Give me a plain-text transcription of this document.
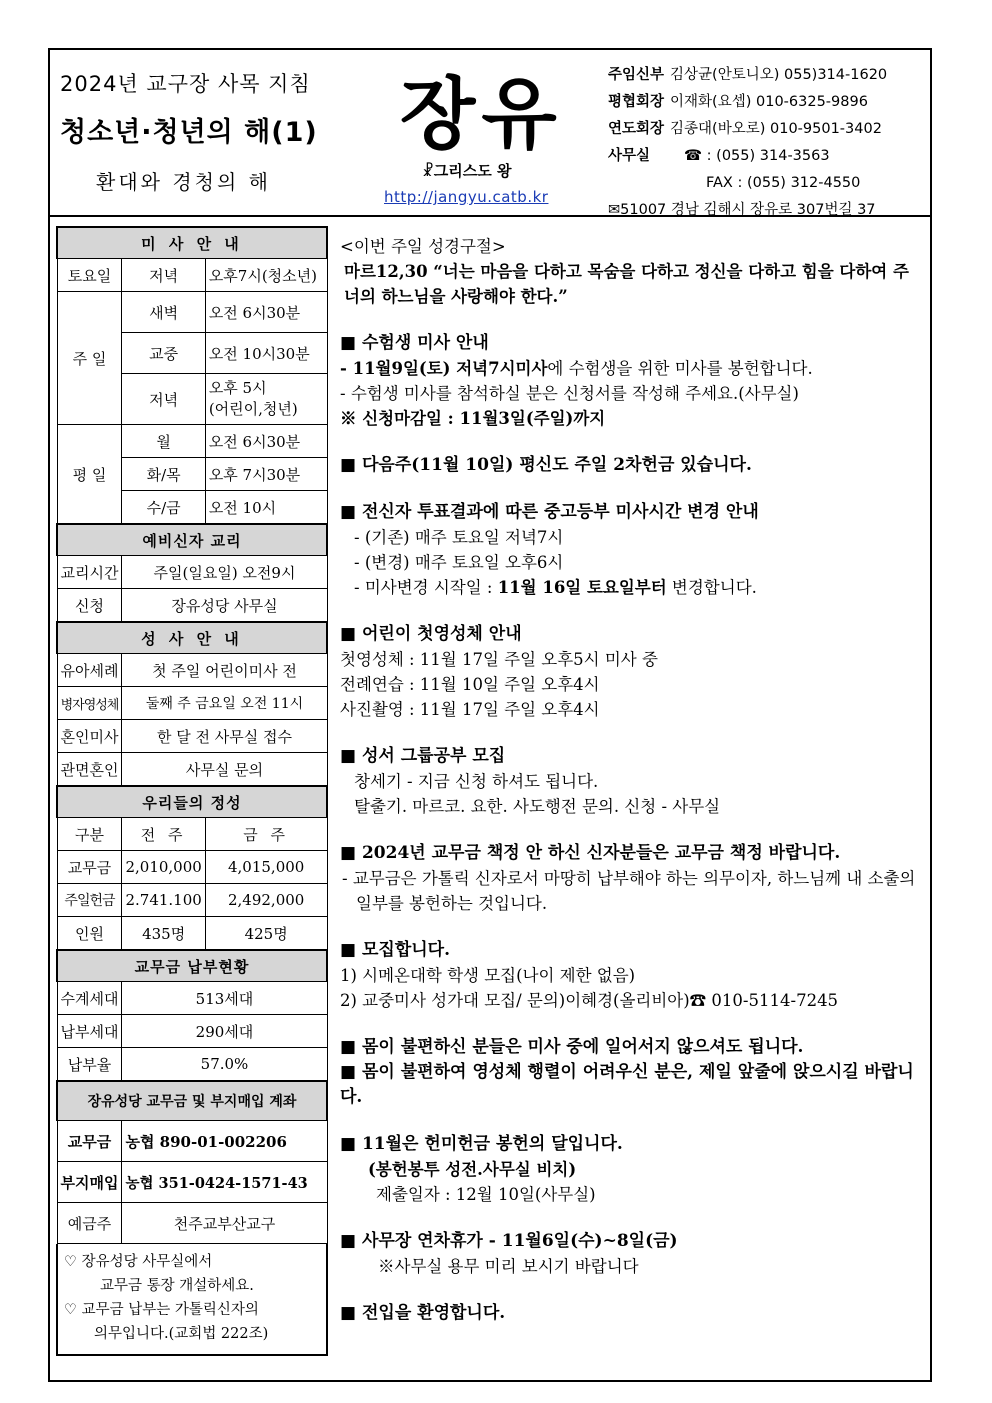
2024년 교구장 사목 지침
청소년·청년의 해(1)
환대와 경청의 해
장유
☧그리스도 왕
http://jangyu.catb.kr
주임신부 김상균(안토니오) 055)314-1620
평협회장 이재화(요셉) 010-6325-9896
연도회장 김종대(바오로) 010-9501-3402
사무실 ☎ : (055) 314-3563
FAX : (055) 312-4550
✉51007 경남 김해시 장유로 307번길 37
미 사 안 내		
토요일	저녁	오후7시(청소년)
주 일	새벽	오전 6시30분
	교중	오전 10시30분
	저녁	오후 5시
(어린이,청년)

평 일	월	오전 6시30분
	화/목	오후 7시30분
	수/금	오전 10시
예비신자 교리		
교리시간	주일(일요일) 오전9시	
신청	장유성당 사무실	
성 사 안 내		
유아세례	첫 주일 어린이미사 전	
병자영성체	둘째 주 금요일 오전 11시	
혼인미사	한 달 전 사무실 접수	
관면혼인	사무실 문의	
우리들의 정성		
구분	전 주	금 주
교무금	2,010,000	4,015,000
주일헌금	2.741.100	2,492,000
인원	435명	425명
교무금 납부현황		
수계세대	513세대	
납부세대	290세대	
납부율	57.0%	
장유성당 교무금 및 부지매입 계좌		
교무금	농협 890-01-002206	
부지매입	농협 351-0424-1571-43	
예금주	천주교부산교구	
♡ 장유성당 사무실에서
교무금 통장 개설하세요.
♡ 교무금 납부는 가톨릭신자의
의무입니다.(교회법 222조)

<이번 주일 성경구절>

마르12,30 “너는 마음을 다하고 목숨을 다하고 정신을 다하고 힘을 다하여 주 너의 하느님을 사랑해야 한다.”

■ 수험생 미사 안내

- 11월9일(토) 저녁7시미사에 수험생을 위한 미사를 봉헌합니다.

- 수험생 미사를 참석하실 분은 신청서를 작성해 주세요.(사무실)

※ 신청마감일 : 11월3일(주일)까지

■ 다음주(11월 10일) 평신도 주일 2차헌금 있습니다.

■ 전신자 투표결과에 따른 중고등부 미사시간 변경 안내

- (기존) 매주 토요일 저녁7시

- (변경) 매주 토요일 오후6시

- 미사변경 시작일 : 11월 16일 토요일부터 변경합니다.

■ 어린이 첫영성체 안내

첫영성체 : 11월 17일 주일 오후5시 미사 중

전례연습 : 11월 10일 주일 오후4시

사진촬영 : 11월 17일 주일 오후4시

■ 성서 그룹공부 모집

창세기 - 지금 신청 하셔도 됩니다.

탈출기. 마르코. 요한. 사도행전 문의. 신청 - 사무실

■ 2024년 교무금 책정 안 하신 신자분들은 교무금 책정 바랍니다.

- 교무금은 가톨릭 신자로서 마땅히 납부해야 하는 의무이자, 하느님께 내 소출의 일부를 봉헌하는 것입니다.

■ 모집합니다.

1) 시메온대학 학생 모집(나이 제한 없음)

2) 교중미사 성가대 모집/ 문의)이혜경(올리비아)☎ 010-5114-7245

■ 몸이 불편하신 분들은 미사 중에 일어서지 않으셔도 됩니다.

■ 몸이 불편하여 영성체 행렬이 어려우신 분은, 제일 앞줄에 앉으시길 바랍니다.

■ 11월은 헌미헌금 봉헌의 달입니다.

(봉헌봉투 성전.사무실 비치)

제출일자 : 12월 10일(사무실)

■ 사무장 연차휴가 - 11월6일(수)~8일(금)

※사무실 용무 미리 보시기 바랍니다

■ 전입을 환영합니다.
